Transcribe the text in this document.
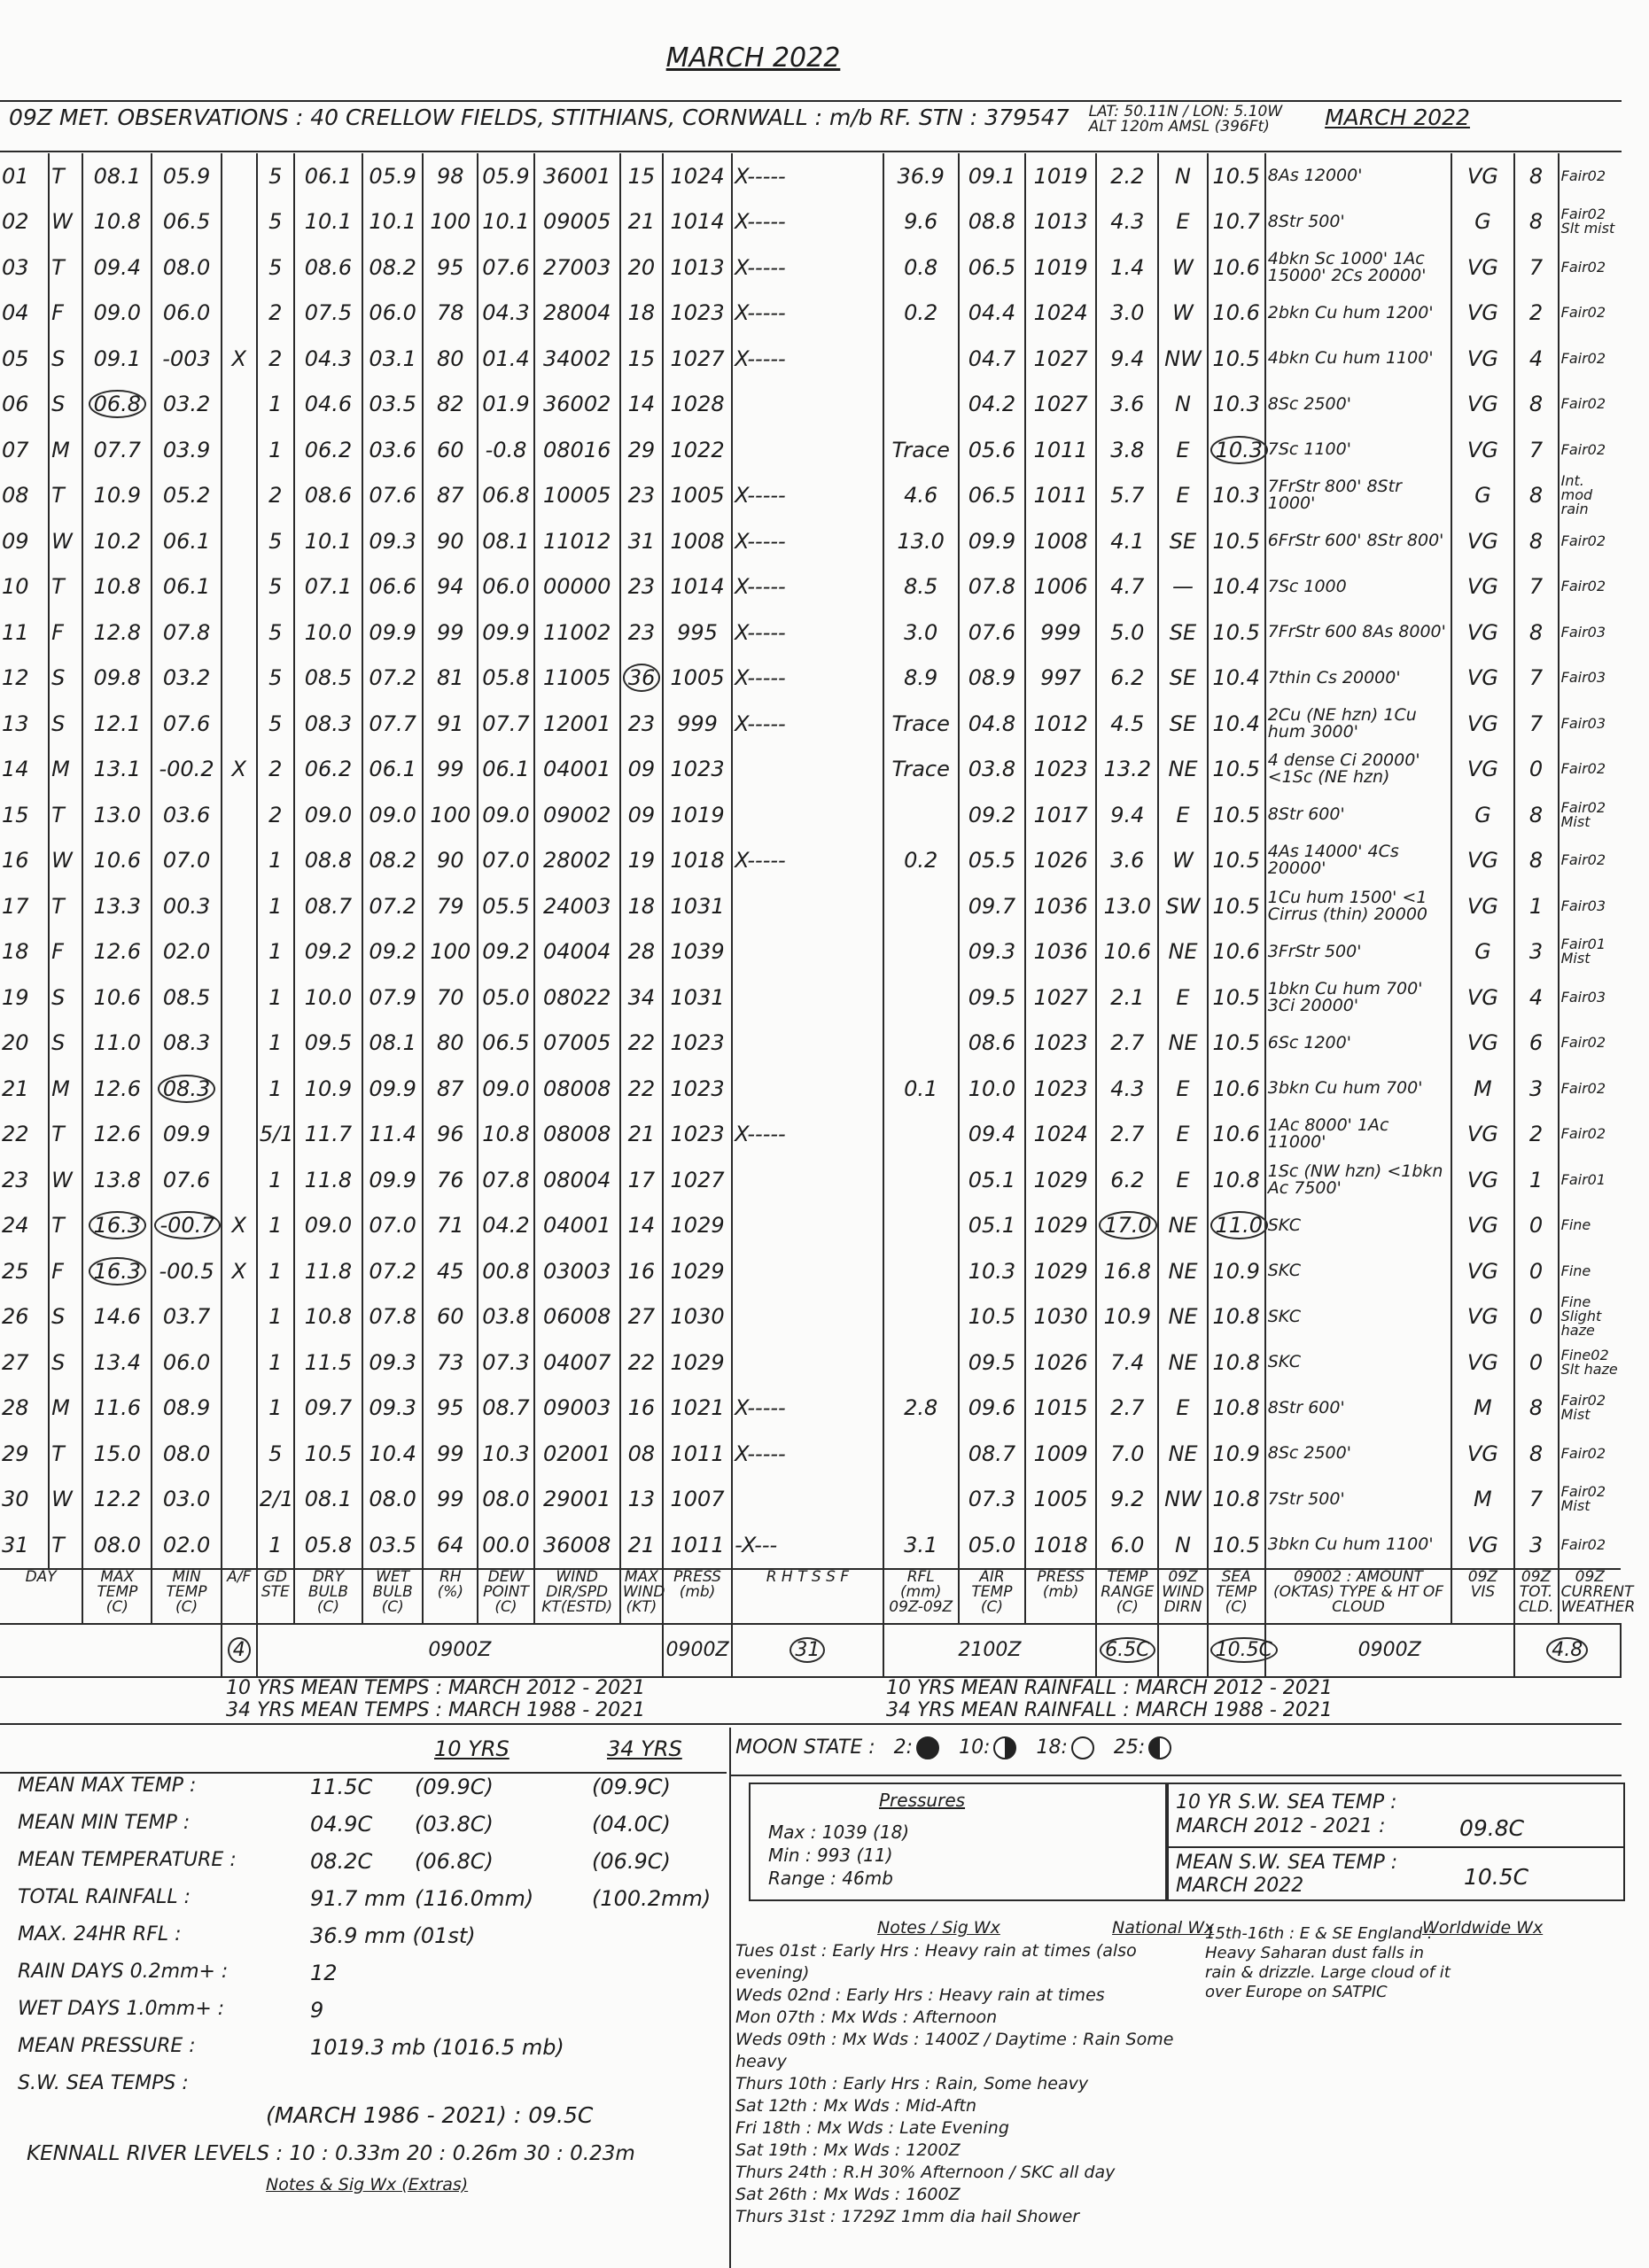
MARCH 2022
09Z MET. OBSERVATIONS : 40 CRELLOW FIELDS, STITHIANS, CORNWALL : m/b RF. STN : 379547 LAT: 50.11N / LON: 5.10W
ALT 120m AMSL (396Ft) MARCH 2022
01	T	08.1	05.9		5	06.1	05.9	98	05.9	36001	15	1024	X-----	36.9	09.1	1019	2.2	N	10.5	8As 12000'	VG	8	Fair02
02	W	10.8	06.5		5	10.1	10.1	100	10.1	09005	21	1014	X-----	9.6	08.8	1013	4.3	E	10.7	8Str 500'	G	8	Fair02 Slt mist
03	T	09.4	08.0		5	08.6	08.2	95	07.6	27003	20	1013	X-----	0.8	06.5	1019	1.4	W	10.6	4bkn Sc 1000' 1Ac 15000' 2Cs 20000'	VG	7	Fair02
04	F	09.0	06.0		2	07.5	06.0	78	04.3	28004	18	1023	X-----	0.2	04.4	1024	3.0	W	10.6	2bkn Cu hum 1200'	VG	2	Fair02
05	S	09.1	-003	X	2	04.3	03.1	80	01.4	34002	15	1027	X-----		04.7	1027	9.4	NW	10.5	4bkn Cu hum 1100'	VG	4	Fair02
06	S	06.8	03.2		1	04.6	03.5	82	01.9	36002	14	1028			04.2	1027	3.6	N	10.3	8Sc 2500'	VG	8	Fair02
07	M	07.7	03.9		1	06.2	03.6	60	-0.8	08016	29	1022		Trace	05.6	1011	3.8	E	10.3	7Sc 1100'	VG	7	Fair02
08	T	10.9	05.2		2	08.6	07.6	87	06.8	10005	23	1005	X-----	4.6	06.5	1011	5.7	E	10.3	7FrStr 800' 8Str 1000'	G	8	Int. mod rain
09	W	10.2	06.1		5	10.1	09.3	90	08.1	11012	31	1008	X-----	13.0	09.9	1008	4.1	SE	10.5	6FrStr 600' 8Str 800'	VG	8	Fair02
10	T	10.8	06.1		5	07.1	06.6	94	06.0	00000	23	1014	X-----	8.5	07.8	1006	4.7	—	10.4	7Sc 1000	VG	7	Fair02
11	F	12.8	07.8		5	10.0	09.9	99	09.9	11002	23	995	X-----	3.0	07.6	999	5.0	SE	10.5	7FrStr 600 8As 8000'	VG	8	Fair03
12	S	09.8	03.2		5	08.5	07.2	81	05.8	11005	36	1005	X-----	8.9	08.9	997	6.2	SE	10.4	7thin Cs 20000'	VG	7	Fair03
13	S	12.1	07.6		5	08.3	07.7	91	07.7	12001	23	999	X-----	Trace	04.8	1012	4.5	SE	10.4	2Cu (NE hzn) 1Cu hum 3000'	VG	7	Fair03
14	M	13.1	-00.2	X	2	06.2	06.1	99	06.1	04001	09	1023		Trace	03.8	1023	13.2	NE	10.5	4 dense Ci 20000' <1Sc (NE hzn)	VG	0	Fair02
15	T	13.0	03.6		2	09.0	09.0	100	09.0	09002	09	1019			09.2	1017	9.4	E	10.5	8Str 600'	G	8	Fair02 Mist
16	W	10.6	07.0		1	08.8	08.2	90	07.0	28002	19	1018	X-----	0.2	05.5	1026	3.6	W	10.5	4As 14000' 4Cs 20000'	VG	8	Fair02
17	T	13.3	00.3		1	08.7	07.2	79	05.5	24003	18	1031			09.7	1036	13.0	SW	10.5	1Cu hum 1500' <1 Cirrus (thin) 20000	VG	1	Fair03
18	F	12.6	02.0		1	09.2	09.2	100	09.2	04004	28	1039			09.3	1036	10.6	NE	10.6	3FrStr 500'	G	3	Fair01 Mist
19	S	10.6	08.5		1	10.0	07.9	70	05.0	08022	34	1031			09.5	1027	2.1	E	10.5	1bkn Cu hum 700' 3Ci 20000'	VG	4	Fair03
20	S	11.0	08.3		1	09.5	08.1	80	06.5	07005	22	1023			08.6	1023	2.7	NE	10.5	6Sc 1200'	VG	6	Fair02
21	M	12.6	08.3		1	10.9	09.9	87	09.0	08008	22	1023		0.1	10.0	1023	4.3	E	10.6	3bkn Cu hum 700'	M	3	Fair02
22	T	12.6	09.9		5/1	11.7	11.4	96	10.8	08008	21	1023	X-----		09.4	1024	2.7	E	10.6	1Ac 8000' 1Ac 11000'	VG	2	Fair02
23	W	13.8	07.6		1	11.8	09.9	76	07.8	08004	17	1027			05.1	1029	6.2	E	10.8	1Sc (NW hzn) <1bkn Ac 7500'	VG	1	Fair01
24	T	16.3	-00.7	X	1	09.0	07.0	71	04.2	04001	14	1029			05.1	1029	17.0	NE	11.0	SKC	VG	0	Fine
25	F	16.3	-00.5	X	1	11.8	07.2	45	00.8	03003	16	1029			10.3	1029	16.8	NE	10.9	SKC	VG	0	Fine
26	S	14.6	03.7		1	10.8	07.8	60	03.8	06008	27	1030			10.5	1030	10.9	NE	10.8	SKC	VG	0	Fine Slight haze
27	S	13.4	06.0		1	11.5	09.3	73	07.3	04007	22	1029			09.5	1026	7.4	NE	10.8	SKC	VG	0	Fine02 Slt haze
28	M	11.6	08.9		1	09.7	09.3	95	08.7	09003	16	1021	X-----	2.8	09.6	1015	2.7	E	10.8	8Str 600'	M	8	Fair02 Mist
29	T	15.0	08.0		5	10.5	10.4	99	10.3	02001	08	1011	X-----		08.7	1009	7.0	NE	10.9	8Sc 2500'	VG	8	Fair02
30	W	12.2	03.0		2/1	08.1	08.0	99	08.0	29001	13	1007			07.3	1005	9.2	NW	10.8	7Str 500'	M	7	Fair02 Mist
31	T	08.0	02.0		1	05.8	03.5	64	00.0	36008	21	1011	-X---	3.1	05.0	1018	6.0	N	10.5	3bkn Cu hum 1100'	VG	3	Fair02
DAY		MAX TEMP (C)	MIN TEMP (C)	A/F	GD STE	DRY BULB (C)	WET BULB (C)	RH (%)	DEW POINT (C)	WIND DIR/SPD KT(ESTD)	MAX WIND (KT)	PRESS (mb)	R H T S S F	RFL (mm) 09Z-09Z	AIR TEMP (C)	PRESS (mb)	TEMP RANGE (C)	09Z WIND DIRN	SEA TEMP (C)	09002 : AMOUNT (OKTAS) TYPE & HT OF CLOUD	09Z VIS	09Z TOT. CLD.	09Z CURRENT WEATHER
				4	0900Z							0900Z	31	2100Z			6.5C		10.5C	0900Z		4.8	
10 YRS MEAN TEMPS : MARCH 2012 - 2021
34 YRS MEAN TEMPS : MARCH 1988 - 2021
10 YRS MEAN RAINFALL : MARCH 2012 - 2021
34 YRS MEAN RAINFALL : MARCH 1988 - 2021
10 YRS	34 YRS
MEAN MAX TEMP :	11.5C (09.9C)	(09.9C)
MEAN MIN TEMP :	04.9C (03.8C)	(04.0C)
MEAN TEMPERATURE :	08.2C (06.8C)	(06.9C)
TOTAL RAINFALL :	91.7 mm (116.0mm)	(100.2mm)
MAX. 24HR RFL :	36.9 mm (01st)
RAIN DAYS 0.2mm+ :	12
WET DAYS 1.0mm+ :	9
MEAN PRESSURE :	1019.3 mb (1016.5 mb)
S.W. SEA TEMPS :
(MARCH 1986 - 2021) : 09.5C
KENNALL RIVER LEVELS : 10 : 0.33m 20 : 0.26m 30 : 0.23m
Notes & Sig Wx (Extras)
MOON STATE : 2: 10: 18: 25:
Pressures
Max : 1039 (18)
Min : 993 (11)
Range : 46mb
10 YR S.W. SEA TEMP :
MARCH 2012 - 2021 :	09.8C
MEAN S.W. SEA TEMP :
MARCH 2022	10.5C
Notes / Sig Wx	National Wx	Worldwide Wx
Tues 01st : Early Hrs : Heavy rain at times (also evening)
Weds 02nd : Early Hrs : Heavy rain at times
Mon 07th : Mx Wds : Afternoon
Weds 09th : Mx Wds : 1400Z / Daytime : Rain Some heavy
Thurs 10th : Early Hrs : Rain, Some heavy
Sat 12th : Mx Wds : Mid-Aftn
Fri 18th : Mx Wds : Late Evening
Sat 19th : Mx Wds : 1200Z
Thurs 24th : R.H 30% Afternoon / SKC all day
Sat 26th : Mx Wds : 1600Z
Thurs 31st : 1729Z 1mm dia hail Shower
15th-16th : E & SE England : Heavy Saharan dust falls in rain & drizzle. Large cloud of it over Europe on SATPIC
